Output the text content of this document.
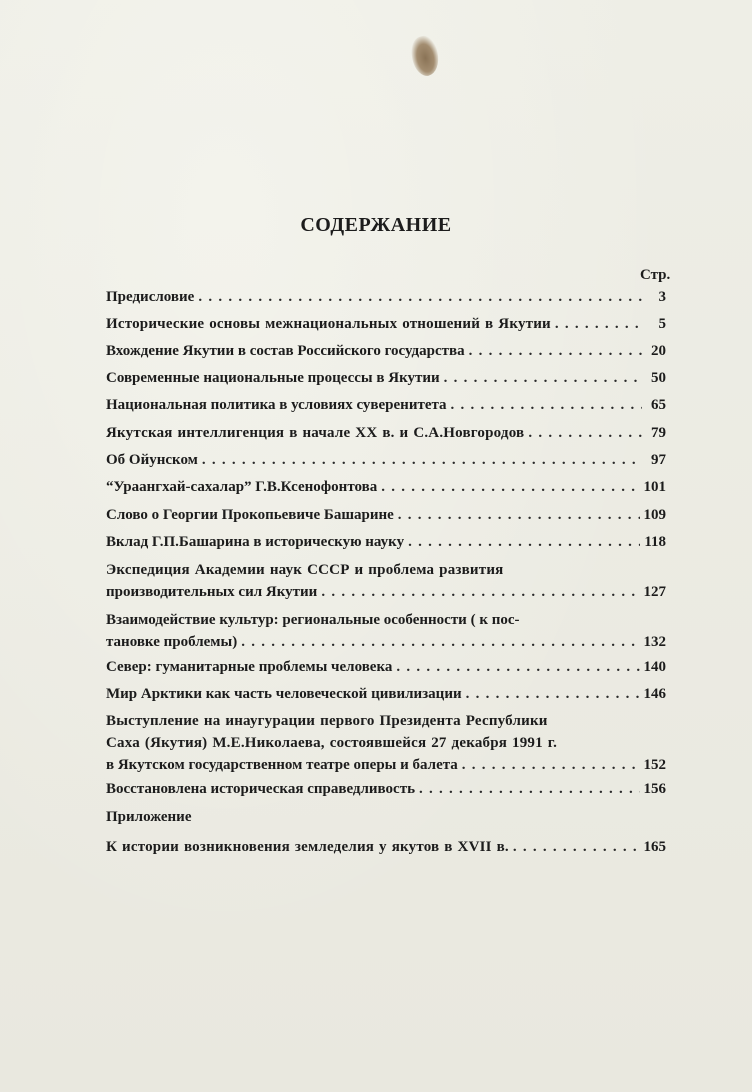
СОДЕРЖАНИЕ
Стр.
Предисловие . . .	3
Исторические основы межнациональных отношений в Якутии . . .	5
Вхождение Якутии в состав Российского государства . . .	20
Современные национальные процессы в Якутии . . .	50
Национальная политика в условиях суверенитета . . .	65
Якутская интеллигенция в начале XX в. и С.А.Новгородов . . .	79
Об Ойунском . . .	97
“Ураангхай-сахалар” Г.В.Ксенофонтова . . .	101
Слово о Георгии Прокопьевиче Башарине . . .	109
Вклад Г.П.Башарина в историческую науку . . .	118
Экспедиция Академии наук СССР и проблема развития
производительных сил Якутии . . .	127
Взаимодействие культур: региональные особенности ( к пос-
тановке проблемы) . . .	132
Север: гуманитарные проблемы человека . . .	140
Мир Арктики как часть человеческой цивилизации . . .	146
Выступление на инаугурации первого Президента Республики
Саха (Якутия) М.Е.Николаева, состоявшейся 27 декабря 1991 г.
в Якутском государственном театре оперы и балета . . .	152
Восстановлена историческая справедливость . . .	156
Приложение
К истории возникновения земледелия у якутов в XVII в. . . .	165
